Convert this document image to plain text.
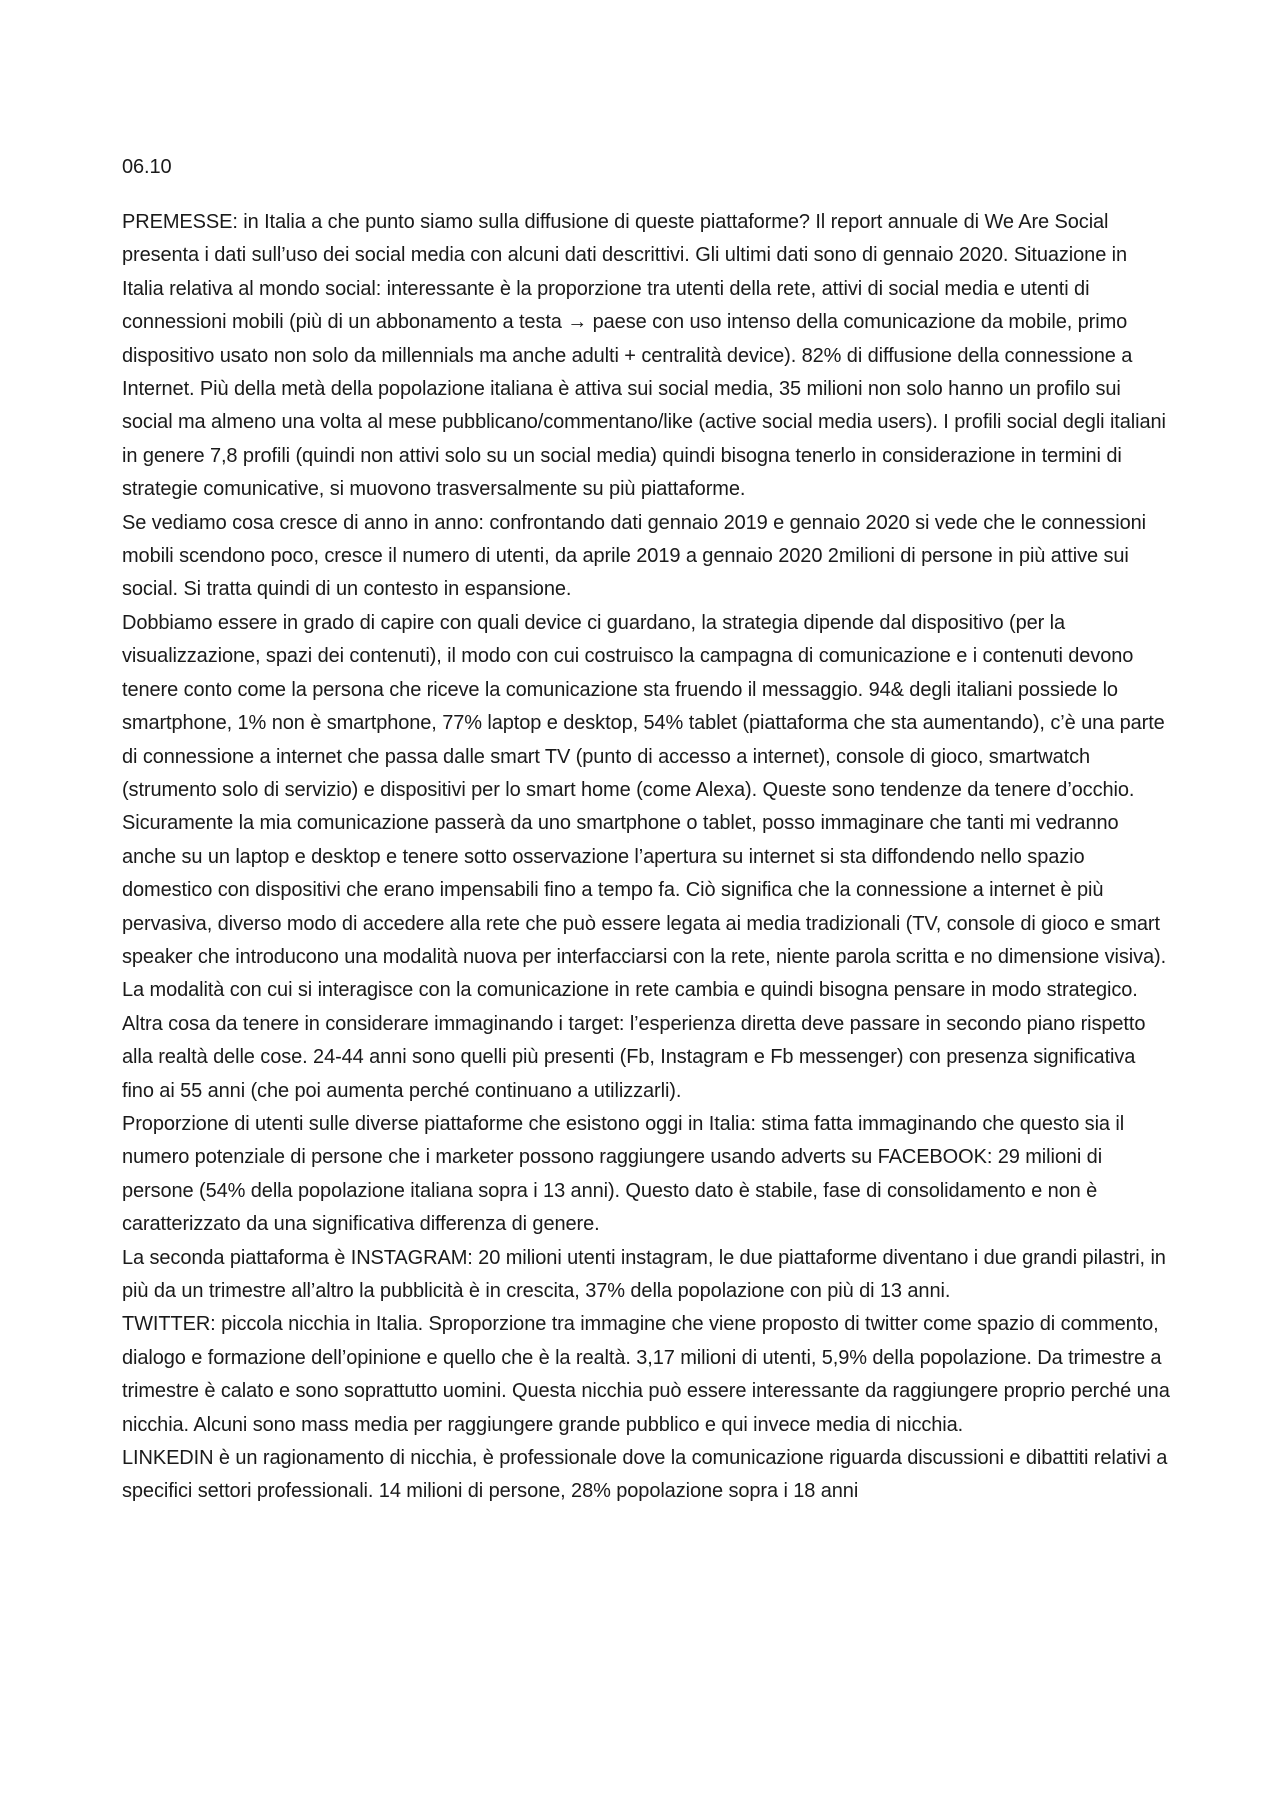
06.10

PREMESSE: in Italia a che punto siamo sulla diffusione di queste piattaforme? Il report annuale di We Are Social presenta i dati sull’uso dei social media con alcuni dati descrittivi. Gli ultimi dati sono di gennaio 2020. Situazione in Italia relativa al mondo social: interessante è la proporzione tra utenti della rete, attivi di social media e utenti di connessioni mobili (più di un abbonamento a testa → paese con uso intenso della comunicazione da mobile, primo dispositivo usato non solo da millennials ma anche adulti + centralità device). 82% di diffusione della connessione a Internet. Più della metà della popolazione italiana è attiva sui social media, 35 milioni non solo hanno un profilo sui social ma almeno una volta al mese pubblicano/commentano/like (active social media users). I profili social degli italiani in genere 7,8 profili (quindi non attivi solo su un social media) quindi bisogna tenerlo in considerazione in termini di strategie comunicative, si muovono trasversalmente su più piattaforme.

Se vediamo cosa cresce di anno in anno: confrontando dati gennaio 2019 e gennaio 2020 si vede che le connessioni mobili scendono poco, cresce il numero di utenti, da aprile 2019 a gennaio 2020 2milioni di persone in più attive sui social. Si tratta quindi di un contesto in espansione.

Dobbiamo essere in grado di capire con quali device ci guardano, la strategia dipende dal dispositivo (per la visualizzazione, spazi dei contenuti), il modo con cui costruisco la campagna di comunicazione e i contenuti devono tenere conto come la persona che riceve la comunicazione sta fruendo il messaggio. 94& degli italiani possiede lo smartphone, 1% non è smartphone, 77% laptop e desktop, 54% tablet (piattaforma che sta aumentando), c’è una parte di connessione a internet che passa dalle smart TV (punto di accesso a internet), console di gioco, smartwatch (strumento solo di servizio) e dispositivi per lo smart home (come Alexa). Queste sono tendenze da tenere d’occhio. Sicuramente la mia comunicazione passerà da uno smartphone o tablet, posso immaginare che tanti mi vedranno anche su un laptop e desktop e tenere sotto osservazione l’apertura su internet si sta diffondendo nello spazio domestico con dispositivi che erano impensabili fino a tempo fa. Ciò significa che la connessione a internet è più pervasiva, diverso modo di accedere alla rete che può essere legata ai media tradizionali (TV, console di gioco e smart speaker che introducono una modalità nuova per interfacciarsi con la rete, niente parola scritta e no dimensione visiva). La modalità con cui si interagisce con la comunicazione in rete cambia e quindi bisogna pensare in modo strategico.

Altra cosa da tenere in considerare immaginando i target: l’esperienza diretta deve passare in secondo piano rispetto alla realtà delle cose. 24-44 anni sono quelli più presenti (Fb, Instagram e Fb messenger) con presenza significativa fino ai 55 anni (che poi aumenta perché continuano a utilizzarli).

Proporzione di utenti sulle diverse piattaforme che esistono oggi in Italia: stima fatta immaginando che questo sia il numero potenziale di persone che i marketer possono raggiungere usando adverts su FACEBOOK: 29 milioni di persone (54% della popolazione italiana sopra i 13 anni). Questo dato è stabile, fase di consolidamento e non è caratterizzato da una significativa differenza di genere.

La seconda piattaforma è INSTAGRAM: 20 milioni utenti instagram, le due piattaforme diventano i due grandi pilastri, in più da un trimestre all’altro la pubblicità è in crescita, 37% della popolazione con più di 13 anni.

TWITTER: piccola nicchia in Italia. Sproporzione tra immagine che viene proposto di twitter come spazio di commento, dialogo e formazione dell’opinione e quello che è la realtà. 3,17 milioni di utenti, 5,9% della popolazione. Da trimestre a trimestre è calato e sono soprattutto uomini. Questa nicchia può essere interessante da raggiungere proprio perché una nicchia. Alcuni sono mass media per raggiungere grande pubblico e qui invece media di nicchia.

LINKEDIN è un ragionamento di nicchia, è professionale dove la comunicazione riguarda discussioni e dibattiti relativi a specifici settori professionali. 14 milioni di persone, 28% popolazione sopra i 18 anni
